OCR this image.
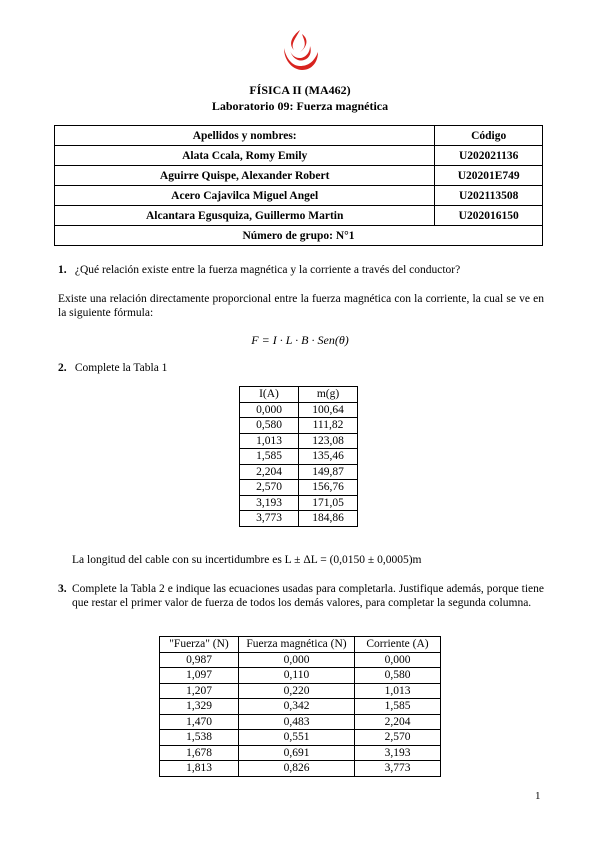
FÍSICA II (MA462)
Laboratorio 09: Fuerza magnética
Apellidos y nombres:	Código
Alata Ccala, Romy Emily	U202021136
Aguirre Quispe, Alexander Robert	U20201E749
Acero Cajavilca Miguel Angel	U202113508
Alcantara Egusquiza, Guillermo Martin	U202016150
Número de grupo: N°1	
1. ¿Qué relación existe entre la fuerza magnética y la corriente a través del conductor?
Existe una relación directamente proporcional entre la fuerza magnética con la corriente, la cual se ve en la siguiente fórmula:
F = I · L · B · Sen(θ)
2. Complete la Tabla 1
I(A)	m(g)
0,000	100,64
0,580	111,82
1,013	123,08
1,585	135,46
2,204	149,87
2,570	156,76
3,193	171,05
3,773	184,86
La longitud del cable con su incertidumbre es L ± ΔL = (0,0150 ± 0,0005)m
3. Complete la Tabla 2 e indique las ecuaciones usadas para completarla. Justifique además, porque tiene que restar el primer valor de fuerza de todos los demás valores, para completar la segunda columna.
"Fuerza" (N)	Fuerza magnética (N)	Corriente (A)
0,987	0,000	0,000
1,097	0,110	0,580
1,207	0,220	1,013
1,329	0,342	1,585
1,470	0,483	2,204
1,538	0,551	2,570
1,678	0,691	3,193
1,813	0,826	3,773
1
